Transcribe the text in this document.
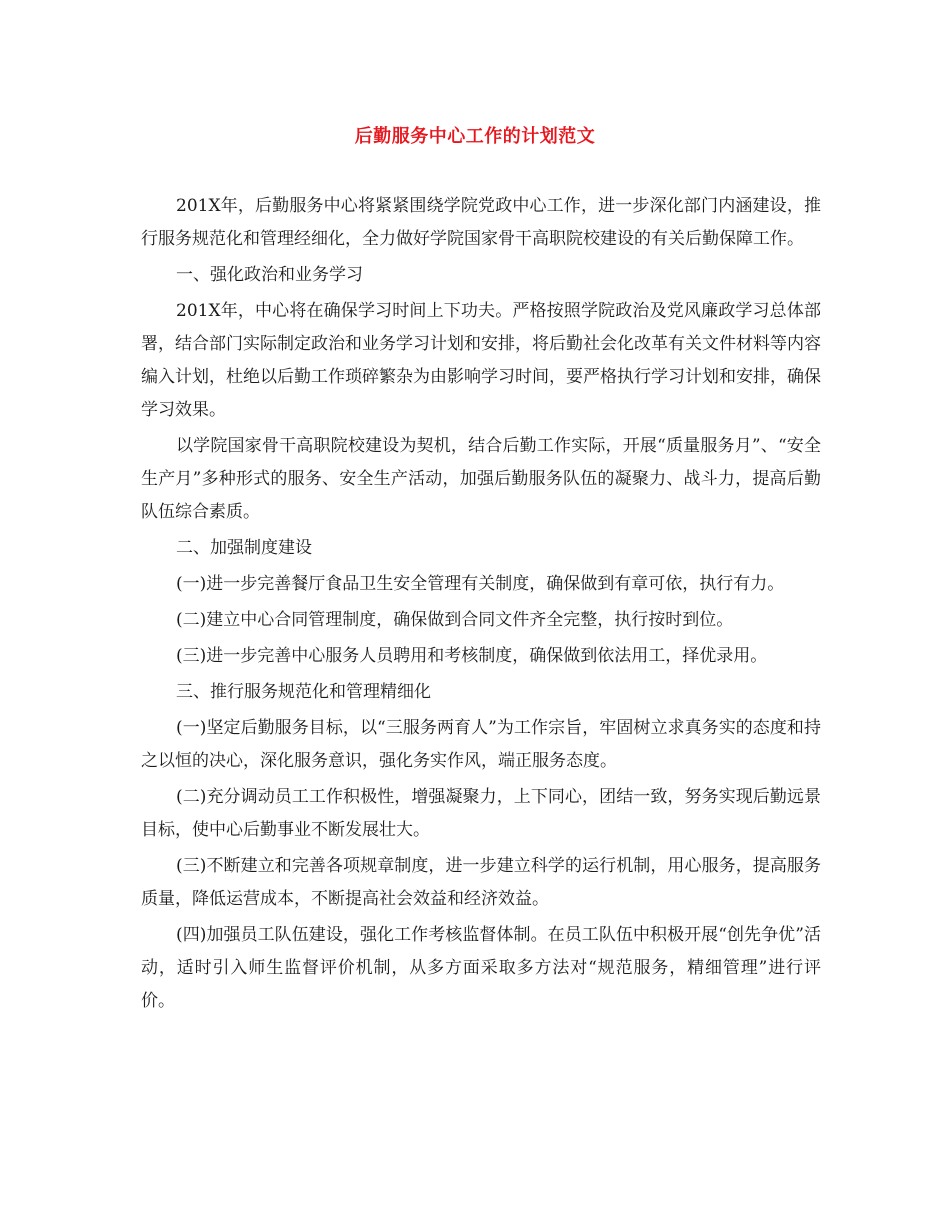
后勤服务中心工作的计划范文

201X年，后勤服务中心将紧紧围绕学院党政中心工作，进一步深化部门内涵建设，推行服务规范化和管理经细化，全力做好学院国家骨干高职院校建设的有关后勤保障工作。

一、强化政治和业务学习

201X年，中心将在确保学习时间上下功夫。严格按照学院政治及党风廉政学习总体部署，结合部门实际制定政治和业务学习计划和安排，将后勤社会化改革有关文件材料等内容编入计划，杜绝以后勤工作琐碎繁杂为由影响学习时间，要严格执行学习计划和安排，确保学习效果。

以学院国家骨干高职院校建设为契机，结合后勤工作实际，开展“质量服务月”、“安全生产月”多种形式的服务、安全生产活动，加强后勤服务队伍的凝聚力、战斗力，提高后勤队伍综合素质。

二、加强制度建设

(一)进一步完善餐厅食品卫生安全管理有关制度，确保做到有章可依，执行有力。

(二)建立中心合同管理制度，确保做到合同文件齐全完整，执行按时到位。

(三)进一步完善中心服务人员聘用和考核制度，确保做到依法用工，择优录用。

三、推行服务规范化和管理精细化

(一)坚定后勤服务目标，以“三服务两育人”为工作宗旨，牢固树立求真务实的态度和持之以恒的决心，深化服务意识，强化务实作风，端正服务态度。

(二)充分调动员工工作积极性，增强凝聚力，上下同心，团结一致，努务实现后勤远景目标，使中心后勤事业不断发展壮大。

(三)不断建立和完善各项规章制度，进一步建立科学的运行机制，用心服务，提高服务质量，降低运营成本，不断提高社会效益和经济效益。

(四)加强员工队伍建设，强化工作考核监督体制。在员工队伍中积极开展“创先争优”活动，适时引入师生监督评价机制，从多方面采取多方法对“规范服务，精细管理”进行评价。
